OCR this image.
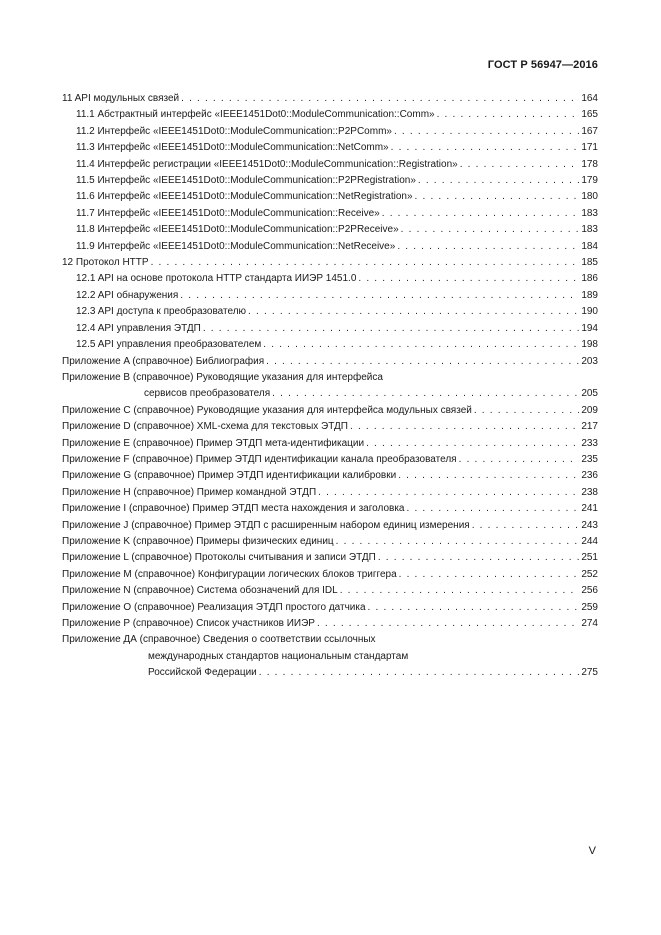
ГОСТ Р 56947—2016
11 API модульных связей . . .	164
11.1 Абстрактный интерфейс «IEEE1451Dot0::ModuleCommunication::Comm» . . .	165
11.2 Интерфейс «IEEE1451Dot0::ModuleCommunication::P2PComm» . . .	167
11.3 Интерфейс «IEEE1451Dot0::ModuleCommunication::NetComm» . . .	171
11.4 Интерфейс регистрации «IEEE1451Dot0::ModuleCommunication::Registration» . . .	178
11.5 Интерфейс «IEEE1451Dot0::ModuleCommunication::P2PRegistration» . . .	179
11.6 Интерфейс «IEEE1451Dot0::ModuleCommunication::NetRegistration» . . .	180
11.7 Интерфейс «IEEE1451Dot0::ModuleCommunication::Receive» . . .	183
11.8 Интерфейс «IEEE1451Dot0::ModuleCommunication::P2PReceive» . . .	183
11.9 Интерфейс «IEEE1451Dot0::ModuleCommunication::NetReceive» . . .	184
12 Протокол HTTP . . .	185
12.1 API на основе протокола HTTP стандарта ИИЭР 1451.0 . . .	186
12.2 API обнаружения . . .	189
12.3 API доступа к преобразователю . . .	190
12.4 API управления ЭТДП . . .	194
12.5 API управления преобразователем . . .	198
Приложение A (справочное) Библиография . . .	203
Приложение B (справочное) Руководящие указания для интерфейса
сервисов преобразователя . . .	205
Приложение C (справочное) Руководящие указания для интерфейса модульных связей . . .	209
Приложение D (справочное) XML-схема для текстовых ЭТДП . . .	217
Приложение E (справочное) Пример ЭТДП мета-идентификации . . .	233
Приложение F (справочное) Пример ЭТДП идентификации канала преобразователя . . .	235
Приложение G (справочное) Пример ЭТДП идентификации калибровки . . .	236
Приложение H (справочное) Пример командной ЭТДП . . .	238
Приложение I (справочное) Пример ЭТДП места нахождения и заголовка . . .	241
Приложение J (справочное) Пример ЭТДП с расширенным набором единиц измерения . . .	243
Приложение K (справочное) Примеры физических единиц . . .	244
Приложение L (справочное) Протоколы считывания и записи ЭТДП . . .	251
Приложение M (справочное) Конфигурации логических блоков триггера . . .	252
Приложение N (справочное) Система обозначений для IDL . . .	256
Приложение O (справочное) Реализация ЭТДП простого датчика . . .	259
Приложение P (справочное) Список участников ИИЭР . . .	274
Приложение ДА (справочное) Сведения о соответствии ссылочных
международных стандартов национальным стандартам
Российской Федерации . . .	275
V
